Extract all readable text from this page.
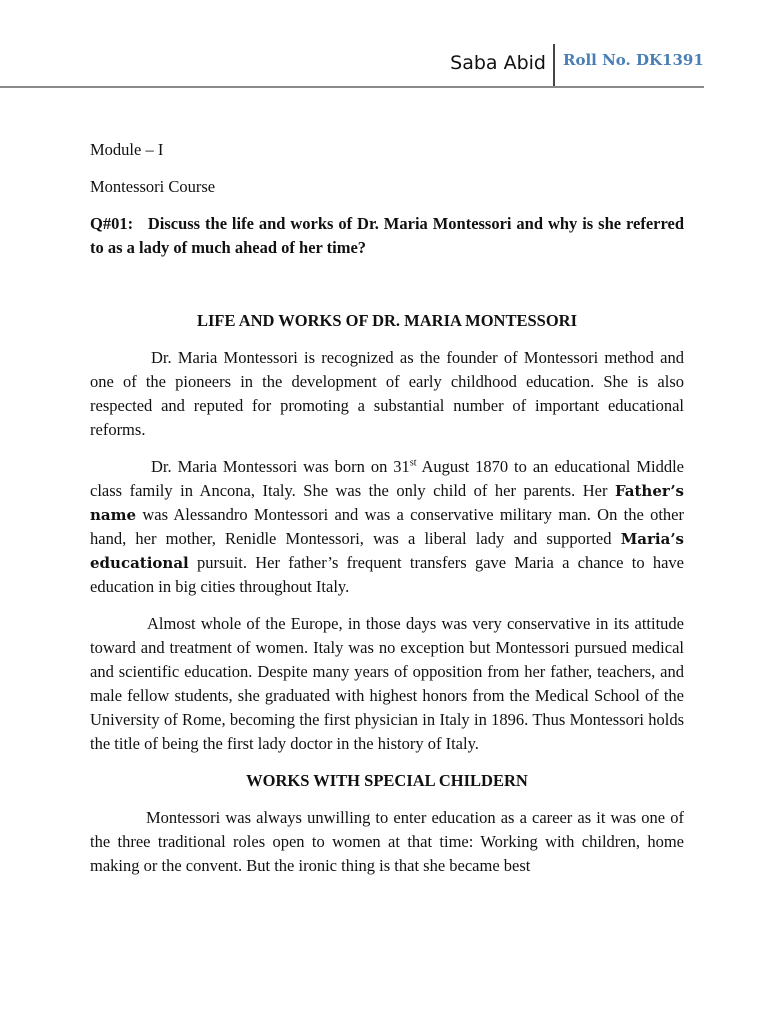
Saba Abid Roll No. DK1391

Module – I

Montessori Course

Q#01:   Discuss the life and works of Dr. Maria Montessori and why is she referred to as a lady of much ahead of her time?

LIFE AND WORKS OF DR. MARIA MONTESSORI

Dr. Maria Montessori is recognized as the founder of Montessori method and one of the pioneers in the development of early childhood education. She is also respected and reputed for promoting a substantial number of important educational reforms.

Dr. Maria Montessori was born on 31st August 1870 to an educational Middle class family in Ancona, Italy. She was the only child of her parents. Her Father’s name was Alessandro Montessori and was a conservative military man. On the other hand, her mother, Renidle Montessori, was a liberal lady and supported Maria’s educational pursuit. Her father’s frequent transfers gave Maria a chance to have education in big cities throughout Italy.

Almost whole of the Europe, in those days was very conservative in its attitude toward and treatment of women. Italy was no exception but Montessori pursued medical and scientific education. Despite many years of opposition from her father, teachers, and male fellow students, she graduated with highest honors from the Medical School of the University of Rome, becoming the first physician in Italy in 1896. Thus Montessori holds the title of being the first lady doctor in the history of Italy.

WORKS WITH SPECIAL CHILDERN

Montessori was always unwilling to enter education as a career as it was one of the three traditional roles open to women at that time: Working with children, home making or the convent. But the ironic thing is that she became best
